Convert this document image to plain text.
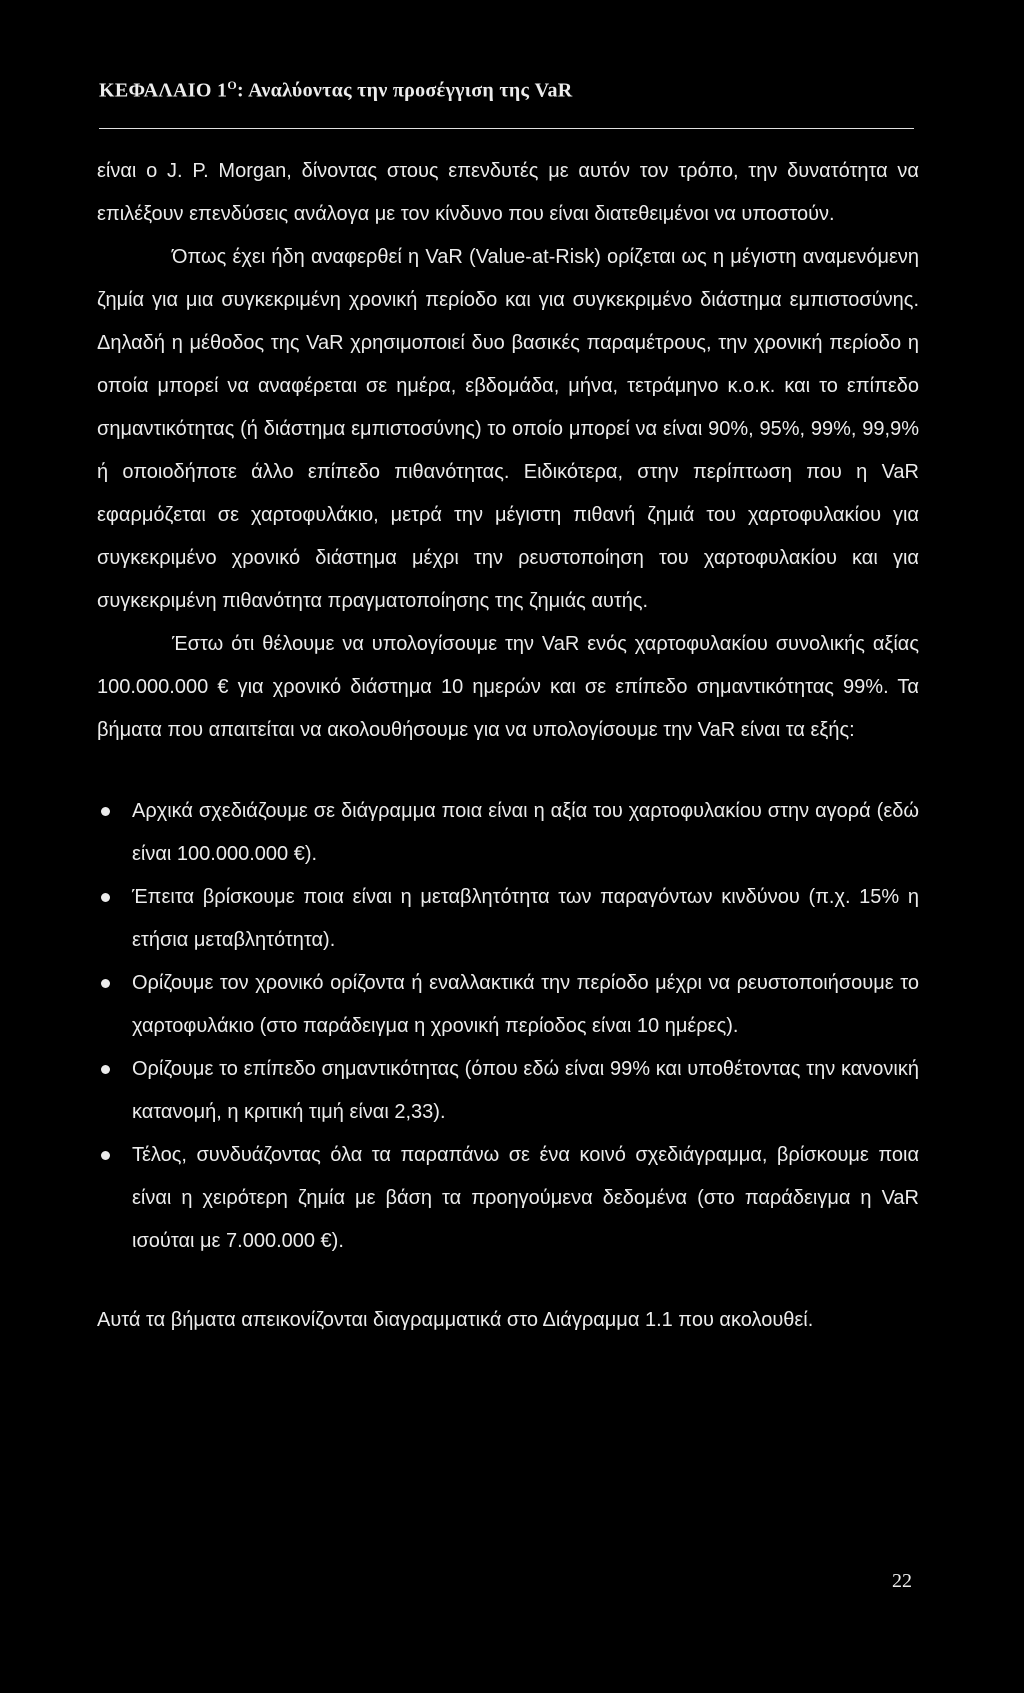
ΚΕΦΑΛΑΙΟ $1^O$: Αναλύοντας την προσέγγιση της VaR

είναι ο J. P. Morgan, δίνοντας στους επενδυτές με αυτόν τον τρόπο, την δυνατότητα να επιλέξουν επενδύσεις ανάλογα με τον κίνδυνο που είναι διατεθειμένοι να υποστούν.

Όπως έχει ήδη αναφερθεί η VaR (Value-at-Risk) ορίζεται ως η μέγιστη αναμενόμενη ζημία για μια συγκεκριμένη χρονική περίοδο και για συγκεκριμένο διάστημα εμπιστοσύνης. Δηλαδή η μέθοδος της VaR χρησιμοποιεί δυο βασικές παραμέτρους, την χρονική περίοδο η οποία μπορεί να αναφέρεται σε ημέρα, εβδομάδα, μήνα, τετράμηνο κ.ο.κ. και το επίπεδο σημαντικότητας (ή διάστημα εμπιστοσύνης) το οποίο μπορεί να είναι 90%, 95%, 99%, 99,9% ή οποιοδήποτε άλλο επίπεδο πιθανότητας. Ειδικότερα, στην περίπτωση που η VaR εφαρμόζεται σε χαρτοφυλάκιο, μετρά την μέγιστη πιθανή ζημιά του χαρτοφυλακίου για συγκεκριμένο χρονικό διάστημα μέχρι την ρευστοποίηση του χαρτοφυλακίου και για συγκεκριμένη πιθανότητα πραγματοποίησης της ζημιάς αυτής.

Έστω ότι θέλουμε να υπολογίσουμε την VaR ενός χαρτοφυλακίου συνολικής αξίας 100.000.000 € για χρονικό διάστημα 10 ημερών και σε επίπεδο σημαντικότητας 99%. Τα βήματα που απαιτείται να ακολουθήσουμε για να υπολογίσουμε την VaR είναι τα εξής:

Αρχικά σχεδιάζουμε σε διάγραμμα ποια είναι η αξία του χαρτοφυλακίου στην αγορά (εδώ είναι 100.000.000 €).
Έπειτα βρίσκουμε ποια είναι η μεταβλητότητα των παραγόντων κινδύνου (π.χ. 15% η ετήσια μεταβλητότητα).
Ορίζουμε τον χρονικό ορίζοντα ή εναλλακτικά την περίοδο μέχρι να ρευστοποιήσουμε το χαρτοφυλάκιο (στο παράδειγμα η χρονική περίοδος είναι 10 ημέρες).
Ορίζουμε το επίπεδο σημαντικότητας (όπου εδώ είναι 99% και υποθέτοντας την κανονική κατανομή, η κριτική τιμή είναι 2,33).
Τέλος, συνδυάζοντας όλα τα παραπάνω σε ένα κοινό σχεδιάγραμμα, βρίσκουμε ποια είναι η χειρότερη ζημία με βάση τα προηγούμενα δεδομένα (στο παράδειγμα η VaR ισούται με 7.000.000 €).

Αυτά τα βήματα απεικονίζονται διαγραμματικά στο Διάγραμμα 1.1 που ακολουθεί.

22
